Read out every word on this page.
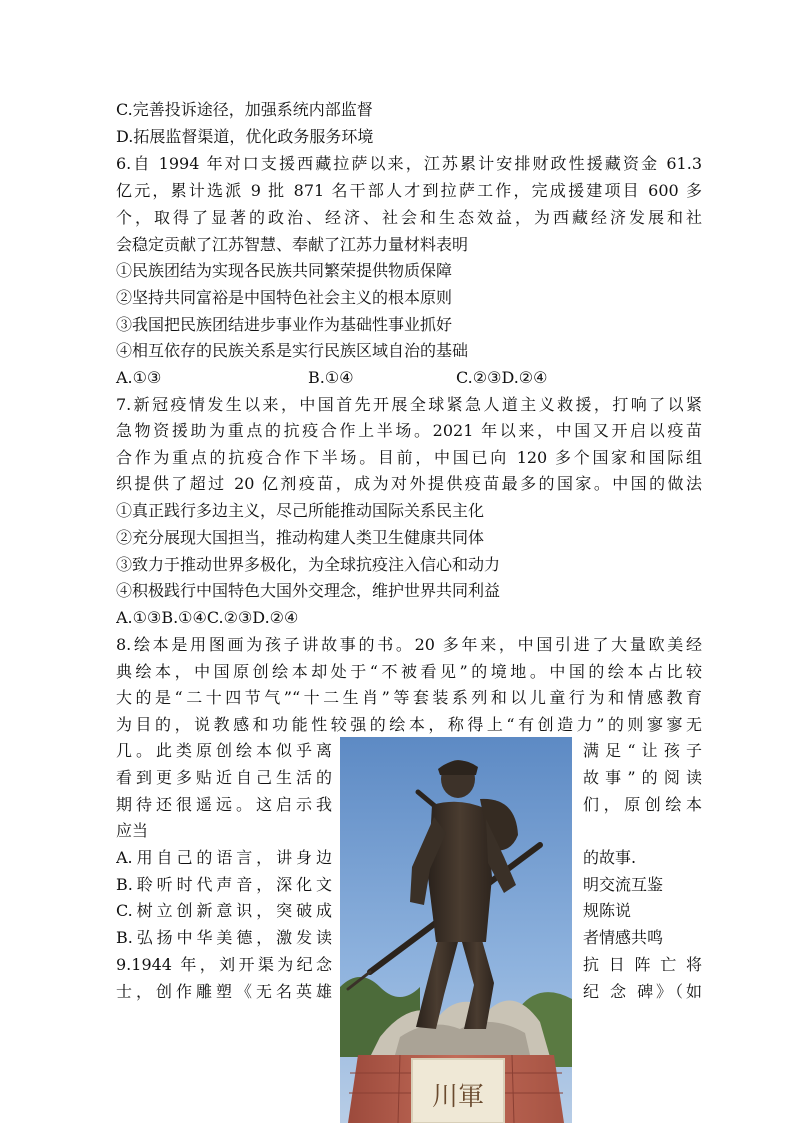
C.完善投诉途径，加强系统内部监督
D.拓展监督渠道，优化政务服务环境
6.自 1994 年对口支援西藏拉萨以来，江苏累计安排财政性援藏资金 61.3
亿元，累计选派 9 批 871 名干部人才到拉萨工作，完成援建项目 600 多
个，取得了显著的政治、经济、社会和生态效益，为西藏经济发展和社
会稳定贡献了江苏智慧、奉献了江苏力量材料表明
①民族团结为实现各民族共同繁荣提供物质保障
②坚持共同富裕是中国特色社会主义的根本原则
③我国把民族团结进步事业作为基础性事业抓好
④相互依存的民族关系是实行民族区域自治的基础
A.①③	B.①④	C.②③D.②④
7.新冠疫情发生以来，中国首先开展全球紧急人道主义救援，打响了以紧
急物资援助为重点的抗疫合作上半场。2021 年以来，中国又开启以疫苗
合作为重点的抗疫合作下半场。目前，中国已向 120 多个国家和国际组
织提供了超过 20 亿剂疫苗，成为对外提供疫苗最多的国家。中国的做法
①真正践行多边主义，尽己所能推动国际关系民主化
②充分展现大国担当，推动构建人类卫生健康共同体
③致力于推动世界多极化，为全球抗疫注入信心和动力
④积极践行中国特色大国外交理念，维护世界共同利益
A.①③B.①④C.②③D.②④
8.绘本是用图画为孩子讲故事的书。20 多年来，中国引进了大量欧美经
典绘本，中国原创绘本却处于“不被看见”的境地。中国的绘本占比较
大的是“二十四节气”“十二生肖”等套装系列和以儿童行为和情感教育
为目的，说教感和功能性较强的绘本，称得上“有创造力”的则寥寥无
几。此类原创绘本似乎离
看到更多贴近自己生活的
期待还很遥远。这启示我
应当
A.用自己的语言，讲身边
B.聆听时代声音，深化文
C.树立创新意识，突破成
B.弘扬中华美德，激发读
9.1944 年，刘开渠为纪念
士，创作雕塑《无名英雄
满足“让孩子
故事”的阅读
们，原创绘本
的故事.
明交流互鉴
规陈说
者情感共鸣
抗 日 阵 亡 将
纪 念 碑》（如
川軍
